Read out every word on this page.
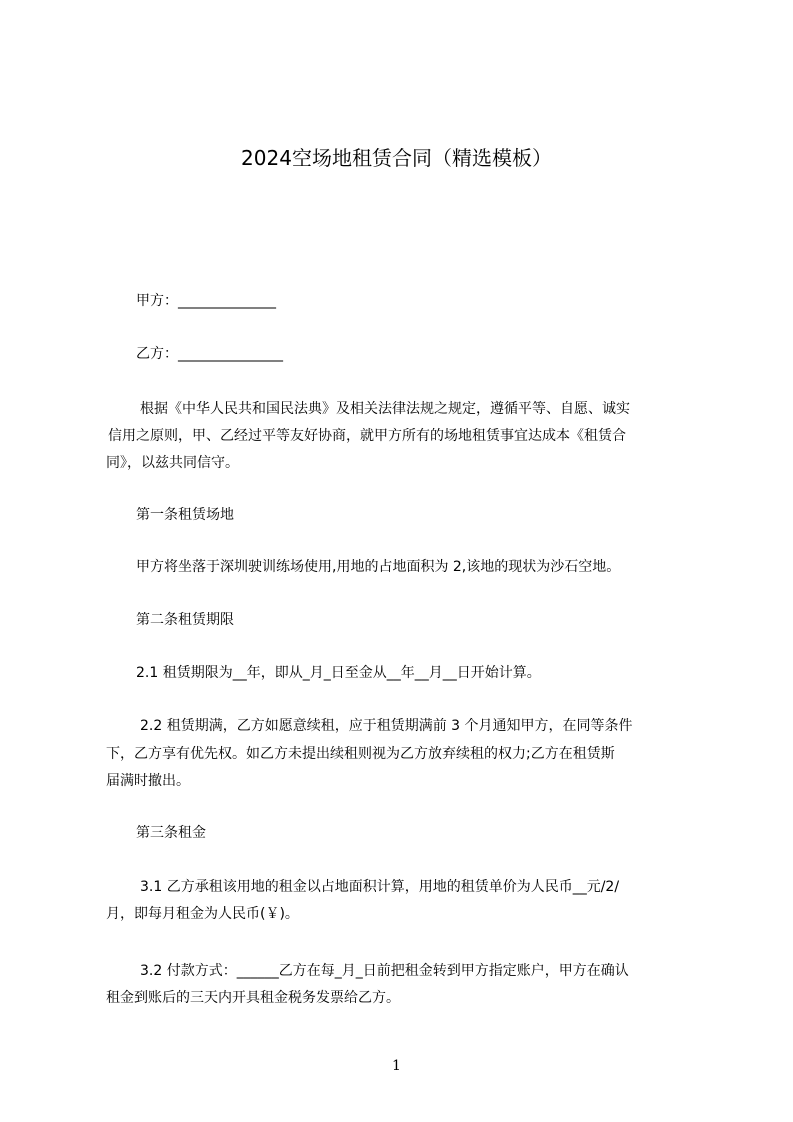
2024空场地租赁合同（精选模板）
甲方：______________
乙方：_______________
根据《中华人民共和国民法典》及相关法律法规之规定，遵循平等、自愿、诚实
信用之原则，甲、乙经过平等友好协商，就甲方所有的场地租赁事宜达成本《租赁合
同》，以兹共同信守。
第一条租赁场地
甲方将坐落于深圳驶训练场使用,用地的占地面积为 2,该地的现状为沙石空地。
第二条租赁期限
2.1 租赁期限为__年，即从_月_日至金从__年__月__日开始计算。
2.2 租赁期满，乙方如愿意续租，应于租赁期满前 3 个月通知甲方，在同等条件
下，乙方享有优先权。如乙方未提出续租则视为乙方放弃续租的权力;乙方在租赁斯
届满时撤出。
第三条租金
3.1 乙方承租该用地的租金以占地面积计算，用地的租赁单价为人民币__元/2/
月，即每月租金为人民币(￥)。
3.2 付款方式：______乙方在每_月_日前把租金转到甲方指定账户，甲方在确认
租金到账后的三天内开具租金税务发票给乙方。
1
